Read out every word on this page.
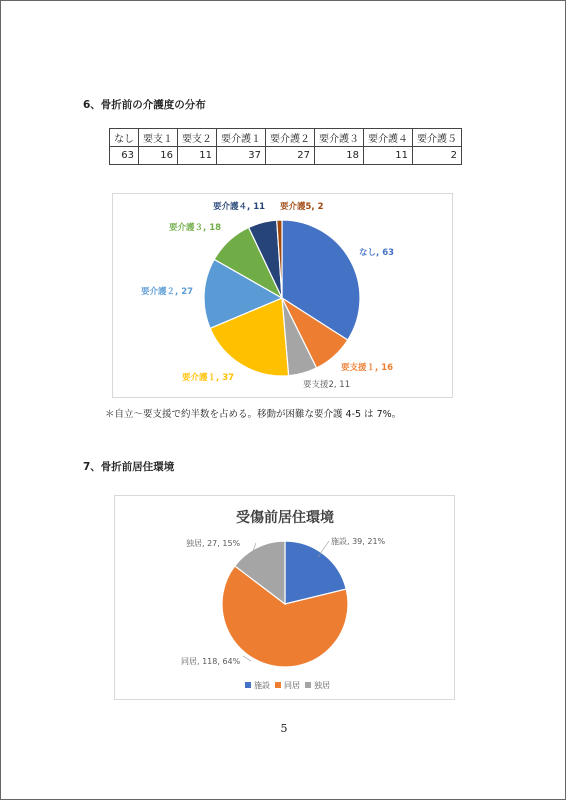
6、骨折前の介護度の分布
なし	要支１	要支２	要介護１	要介護２	要介護３	要介護４	要介護５
63	16	11	37	27	18	11	2
なし, 63
要支援１, 16
要支援2, 11
要介護１, 37
要介護２, 27
要介護３, 18
要介護４, 11 要介護5, 2
＊自立～要支援で約半数を占める。移動が困難な要介護 4-5 は 7%。
7、骨折前居住環境
受傷前居住環境
施設, 39, 21%
同居, 118, 64%
独居, 27, 15%
施設 同居 独居
5
